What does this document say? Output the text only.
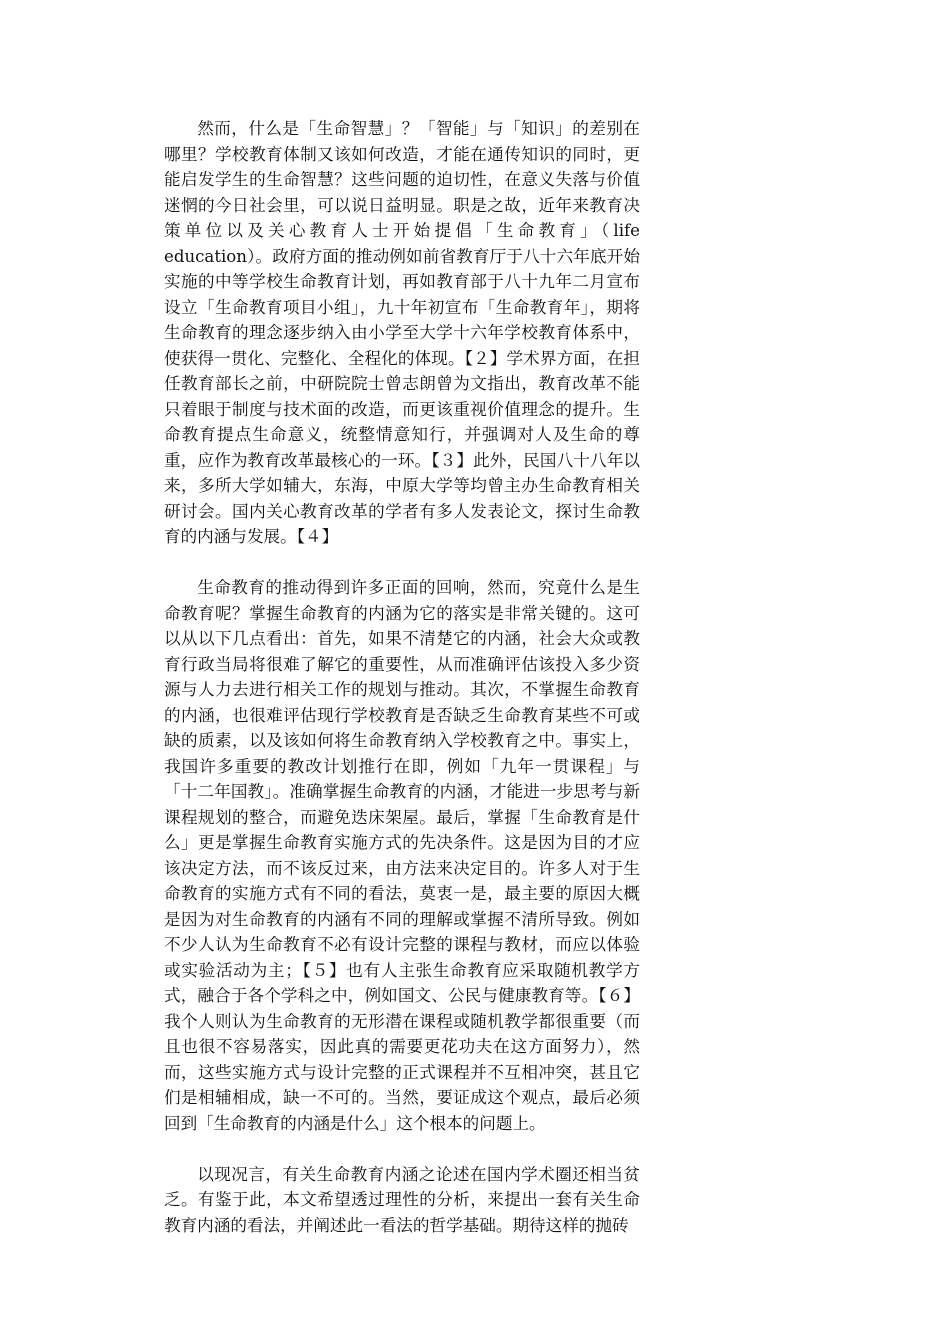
然而，什么是「生命智慧」？「智能」与「知识」的差别在哪里？学校教育体制又该如何改造，才能在通传知识的同时，更能启发学生的生命智慧？这些问题的迫切性，在意义失落与价值迷惘的今日社会里，可以说日益明显。职是之故，近年来教育决策单位以及关心教育人士开始提倡「生命教育」（life education）。政府方面的推动例如前省教育厅于八十六年底开始实施的中等学校生命教育计划，再如教育部于八十九年二月宣布设立「生命教育项目小组」，九十年初宣布「生命教育年」，期将生命教育的理念逐步纳入由小学至大学十六年学校教育体系中，使获得一贯化、完整化、全程化的体现。【２】学术界方面，在担任教育部长之前，中研院院士曾志朗曾为文指出，教育改革不能只着眼于制度与技术面的改造，而更该重视价值理念的提升。生命教育提点生命意义，统整情意知行，并强调对人及生命的尊重，应作为教育改革最核心的一环。【３】此外，民国八十八年以来，多所大学如辅大，东海，中原大学等均曾主办生命教育相关研讨会。国内关心教育改革的学者有多人发表论文，探讨生命教育的内涵与发展。【４】

生命教育的推动得到许多正面的回响，然而，究竟什么是生命教育呢？掌握生命教育的内涵为它的落实是非常关键的。这可以从以下几点看出：首先，如果不清楚它的内涵，社会大众或教育行政当局将很难了解它的重要性，从而准确评估该投入多少资源与人力去进行相关工作的规划与推动。其次，不掌握生命教育的内涵，也很难评估现行学校教育是否缺乏生命教育某些不可或缺的质素，以及该如何将生命教育纳入学校教育之中。事实上，我国许多重要的教改计划推行在即，例如「九年一贯课程」与「十二年国教」。准确掌握生命教育的内涵，才能进一步思考与新课程规划的整合，而避免迭床架屋。最后，掌握「生命教育是什么」更是掌握生命教育实施方式的先决条件。这是因为目的才应该决定方法，而不该反过来，由方法来决定目的。许多人对于生命教育的实施方式有不同的看法，莫衷一是，最主要的原因大概是因为对生命教育的内涵有不同的理解或掌握不清所导致。例如不少人认为生命教育不必有设计完整的课程与教材，而应以体验或实验活动为主；【５】也有人主张生命教育应采取随机教学方式，融合于各个学科之中，例如国文、公民与健康教育等。【６】我个人则认为生命教育的无形潜在课程或随机教学都很重要（而且也很不容易落实，因此真的需要更花功夫在这方面努力），然而，这些实施方式与设计完整的正式课程并不互相冲突，甚且它们是相辅相成，缺一不可的。当然，要证成这个观点，最后必须回到「生命教育的内涵是什么」这个根本的问题上。

以现况言，有关生命教育内涵之论述在国内学术圈还相当贫乏。有鉴于此，本文希望透过理性的分析，来提出一套有关生命教育内涵的看法，并阐述此一看法的哲学基础。期待这样的抛砖
